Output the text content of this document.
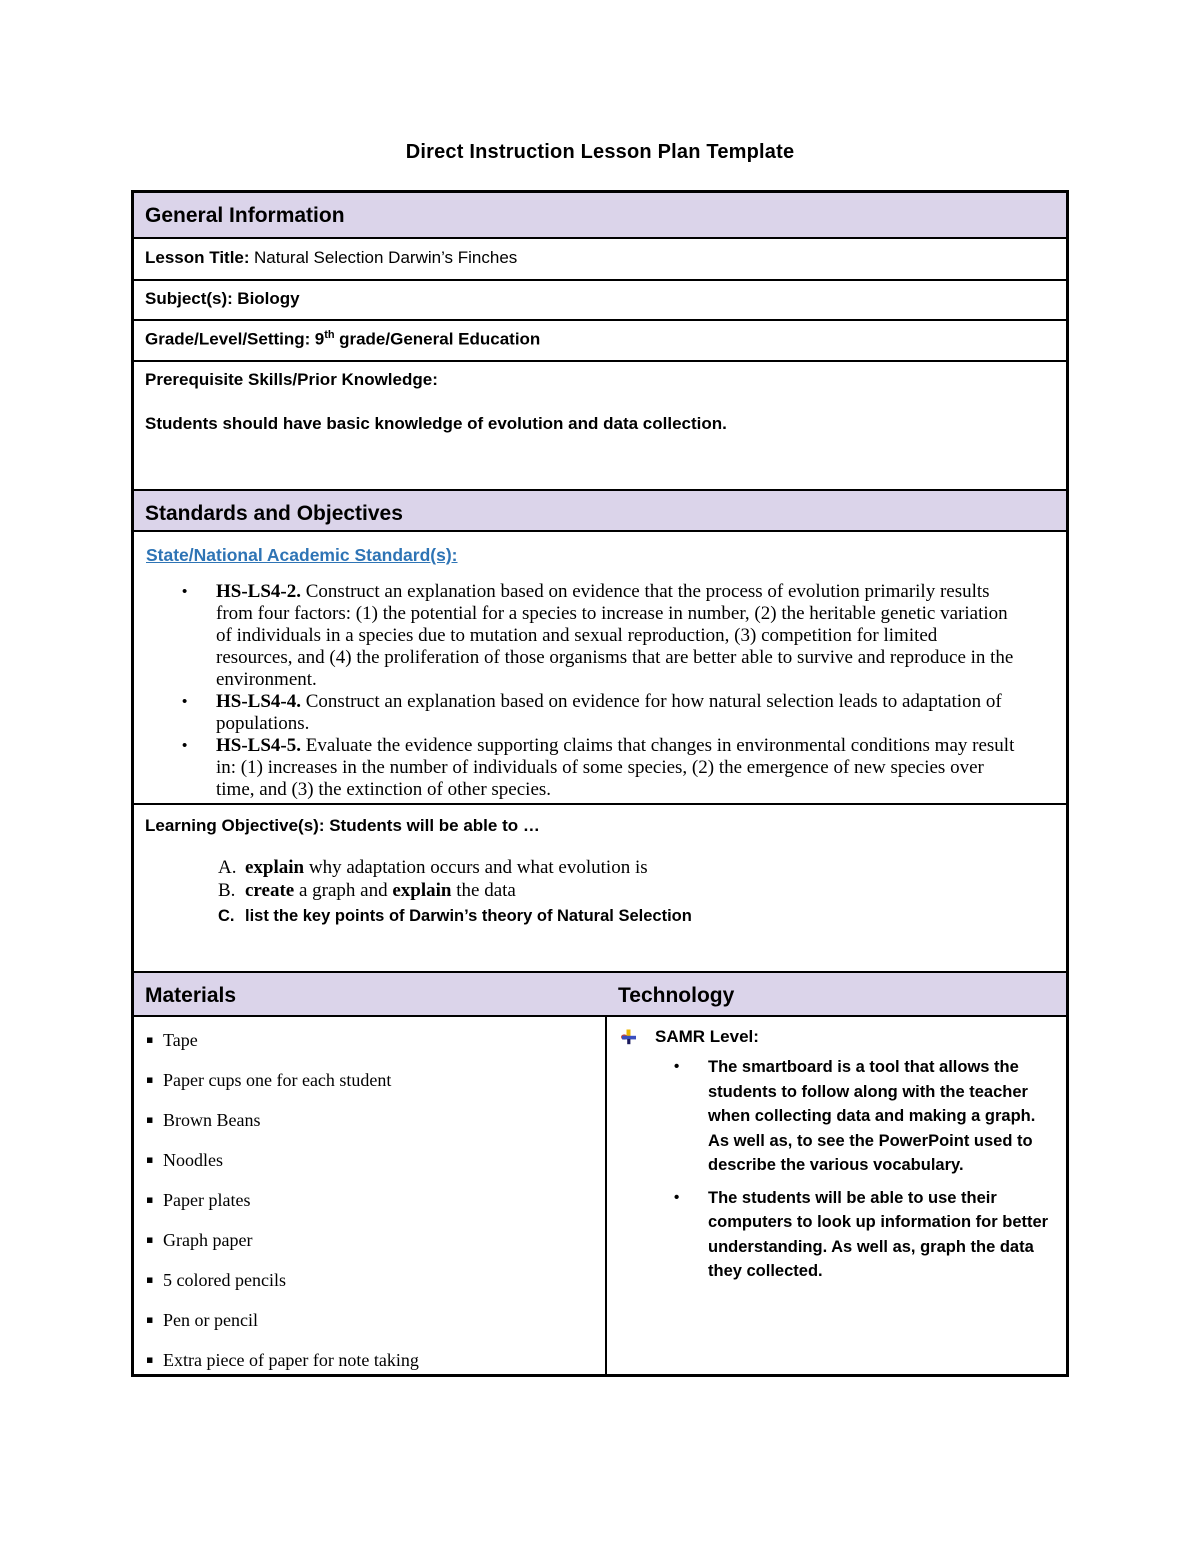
Direct Instruction Lesson Plan Template
General Information
Lesson Title: Natural Selection Darwin’s Finches
Subject(s): Biology
Grade/Level/Setting: 9th grade/General Education
Prerequisite Skills/Prior Knowledge:

Students should have basic knowledge of evolution and data collection.

Standards and Objectives
State/National Academic Standard(s):
•	HS-LS4-2. Construct an explanation based on evidence that the process of evolution primarily results from four factors: (1) the potential for a species to increase in number, (2) the heritable genetic variation of individuals in a species due to mutation and sexual reproduction, (3) competition for limited resources, and (4) the proliferation of those organisms that are better able to survive and reproduce in the environment.
•	HS-LS4-4. Construct an explanation based on evidence for how natural selection leads to adaptation of populations.
•	HS-LS4-5. Evaluate the evidence supporting claims that changes in environmental conditions may result in: (1) increases in the number of individuals of some species, (2) the emergence of new species over time, and (3) the extinction of other species.
Learning Objective(s): Students will be able to …
A. explain why adaptation occurs and what evolution is
B. create a graph and explain the data
C. list the key points of Darwin’s theory of Natural Selection
Materials	Technology
▪ Tape
▪ Paper cups one for each student
▪ Brown Beans
▪ Noodles
▪ Paper plates
▪ Graph paper
▪ 5 colored pencils
▪ Pen or pencil
▪ Extra piece of paper for note taking
SAMR Level:
•	The smartboard is a tool that allows the students to follow along with the teacher when collecting data and making a graph. As well as, to see the PowerPoint used to describe the various vocabulary.
•	The students will be able to use their computers to look up information for better understanding. As well as, graph the data they collected.
